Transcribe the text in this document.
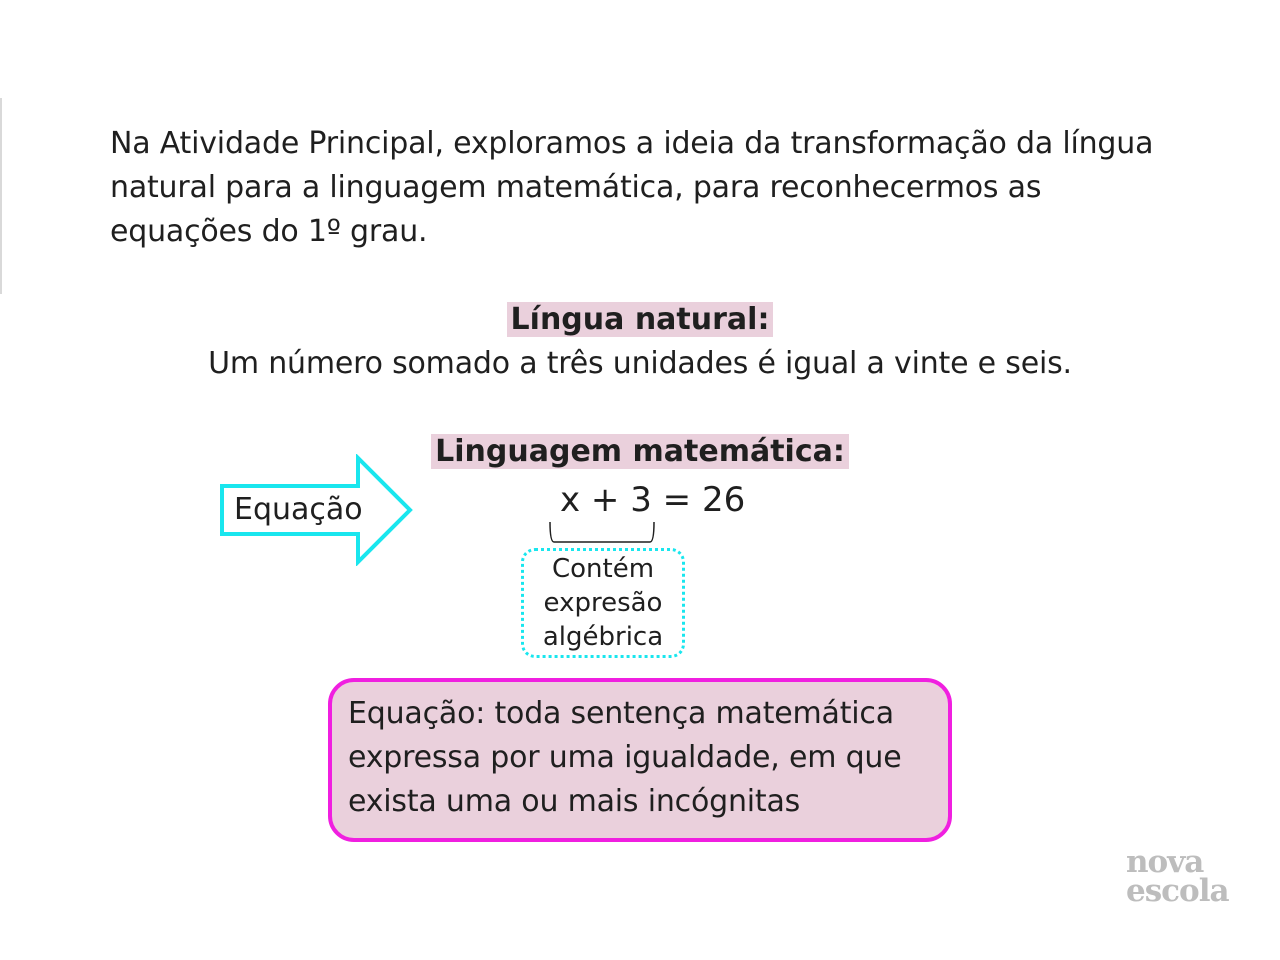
Na Atividade Principal, exploramos a ideia da transformação da língua natural para a linguagem matemática, para reconhecermos as equações do 1º grau.

Língua natural:
Um número somado a três unidades é igual a vinte e seis.
Linguagem matemática:
Equação	x + 3 = 26
Contém
expresão
algébrica

Equação: toda sentença matemática expressa por uma igualdade, em que exista uma ou mais incógnitas

nova
escola
